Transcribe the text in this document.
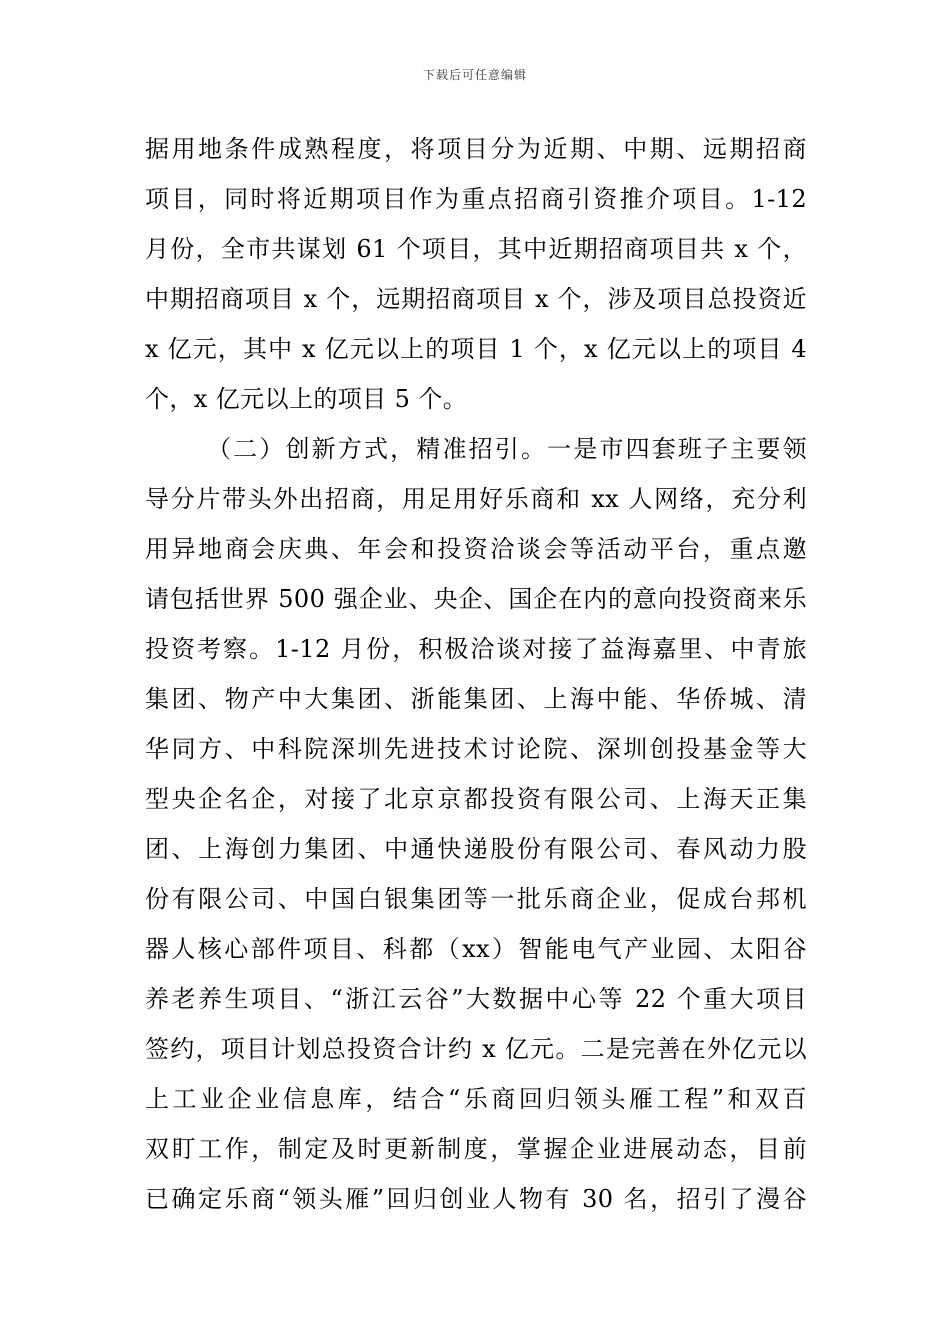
下载后可任意编辑
据用地条件成熟程度，将项目分为近期、中期、远期招商
项目，同时将近期项目作为重点招商引资推介项目。1-12
月份，全市共谋划 61 个项目，其中近期招商项目共 x 个，
中期招商项目 x 个，远期招商项目 x 个，涉及项目总投资近
x 亿元，其中 x 亿元以上的项目 1 个，x 亿元以上的项目 4
个，x 亿元以上的项目 5 个。
（二）创新方式，精准招引。一是市四套班子主要领
导分片带头外出招商，用足用好乐商和 xx 人网络，充分利
用异地商会庆典、年会和投资洽谈会等活动平台，重点邀
请包括世界 500 强企业、央企、国企在内的意向投资商来乐
投资考察。1-12 月份，积极洽谈对接了益海嘉里、中青旅
集团、物产中大集团、浙能集团、上海中能、华侨城、清
华同方、中科院深圳先进技术讨论院、深圳创投基金等大
型央企名企，对接了北京京都投资有限公司、上海天正集
团、上海创力集团、中通快递股份有限公司、春风动力股
份有限公司、中国白银集团等一批乐商企业，促成台邦机
器人核心部件项目、科都（xx）智能电气产业园、太阳谷
养老养生项目、“浙江云谷”大数据中心等 22 个重大项目
签约，项目计划总投资合计约 x 亿元。二是完善在外亿元以
上工业企业信息库，结合“乐商回归领头雁工程”和双百
双盯工作，制定及时更新制度，掌握企业进展动态，目前
已确定乐商“领头雁”回归创业人物有 30 名，招引了漫谷
